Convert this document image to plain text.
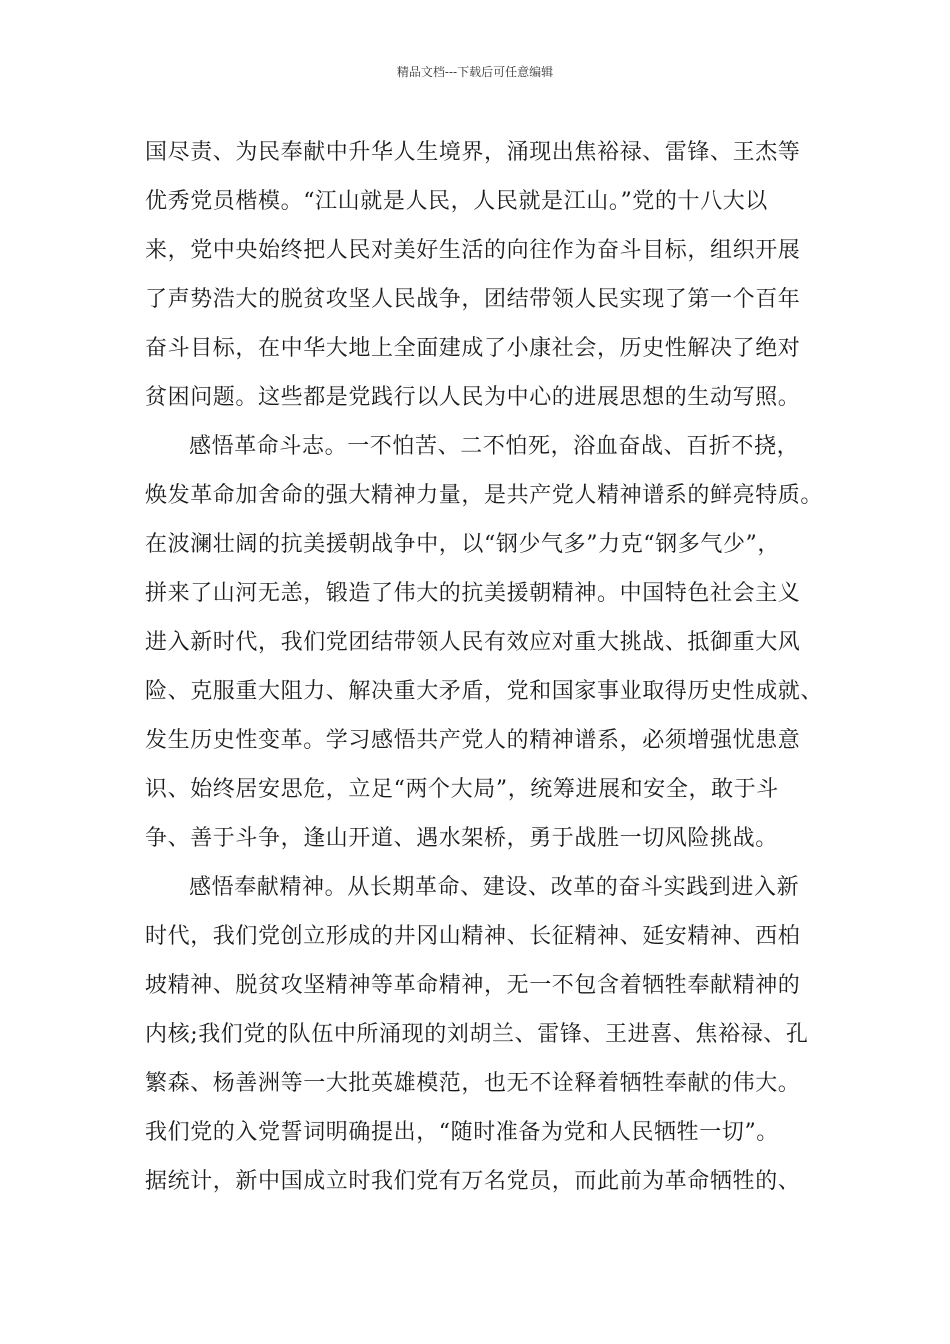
精品文档---下载后可任意编辑
国尽责、为民奉献中升华人生境界，涌现出焦裕禄、雷锋、王杰等
优秀党员楷模。“江山就是人民，人民就是江山。”党的十八大以
来，党中央始终把人民对美好生活的向往作为奋斗目标，组织开展
了声势浩大的脱贫攻坚人民战争，团结带领人民实现了第一个百年
奋斗目标，在中华大地上全面建成了小康社会，历史性解决了绝对
贫困问题。这些都是党践行以人民为中心的进展思想的生动写照。
感悟革命斗志。一不怕苦、二不怕死，浴血奋战、百折不挠，
焕发革命加舍命的强大精神力量，是共产党人精神谱系的鲜亮特质。
在波澜壮阔的抗美援朝战争中，以“钢少气多”力克“钢多气少”，
拼来了山河无恙，锻造了伟大的抗美援朝精神。中国特色社会主义
进入新时代，我们党团结带领人民有效应对重大挑战、抵御重大风
险、克服重大阻力、解决重大矛盾，党和国家事业取得历史性成就、
发生历史性变革。学习感悟共产党人的精神谱系，必须增强忧患意
识、始终居安思危，立足“两个大局”，统筹进展和安全，敢于斗
争、善于斗争，逢山开道、遇水架桥，勇于战胜一切风险挑战。
感悟奉献精神。从长期革命、建设、改革的奋斗实践到进入新
时代，我们党创立形成的井冈山精神、长征精神、延安精神、西柏
坡精神、脱贫攻坚精神等革命精神，无一不包含着牺牲奉献精神的
内核;我们党的队伍中所涌现的刘胡兰、雷锋、王进喜、焦裕禄、孔
繁森、杨善洲等一大批英雄模范，也无不诠释着牺牲奉献的伟大。
我们党的入党誓词明确提出，“随时准备为党和人民牺牲一切”。
据统计，新中国成立时我们党有万名党员，而此前为革命牺牲的、
